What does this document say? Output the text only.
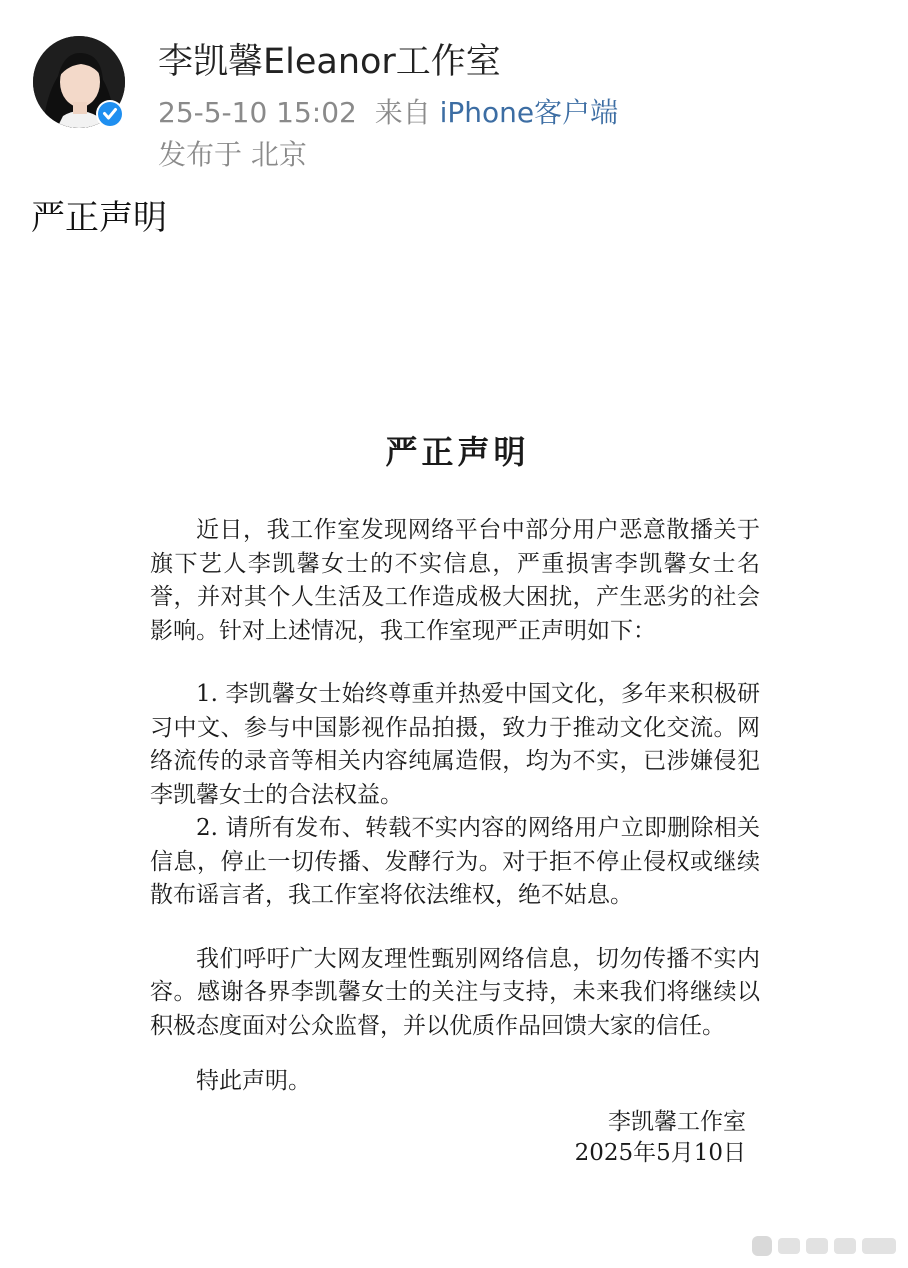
李凯馨Eleanor工作室
25-5-10 15:02 来自 iPhone客户端
发布于 北京
严正声明
严正声明

近日，我工作室发现网络平台中部分用户恶意散播关于旗下艺人李凯馨女士的不实信息，严重损害李凯馨女士名誉，并对其个人生活及工作造成极大困扰，产生恶劣的社会影响。针对上述情况，我工作室现严正声明如下：

1. 李凯馨女士始终尊重并热爱中国文化，多年来积极研习中文、参与中国影视作品拍摄，致力于推动文化交流。网络流传的录音等相关内容纯属造假，均为不实，已涉嫌侵犯李凯馨女士的合法权益。

2. 请所有发布、转载不实内容的网络用户立即删除相关信息，停止一切传播、发酵行为。对于拒不停止侵权或继续散布谣言者，我工作室将依法维权，绝不姑息。

我们呼吁广大网友理性甄别网络信息，切勿传播不实内容。感谢各界李凯馨女士的关注与支持，未来我们将继续以积极态度面对公众监督，并以优质作品回馈大家的信任。

特此声明。

李凯馨工作室

2025年5月10日
